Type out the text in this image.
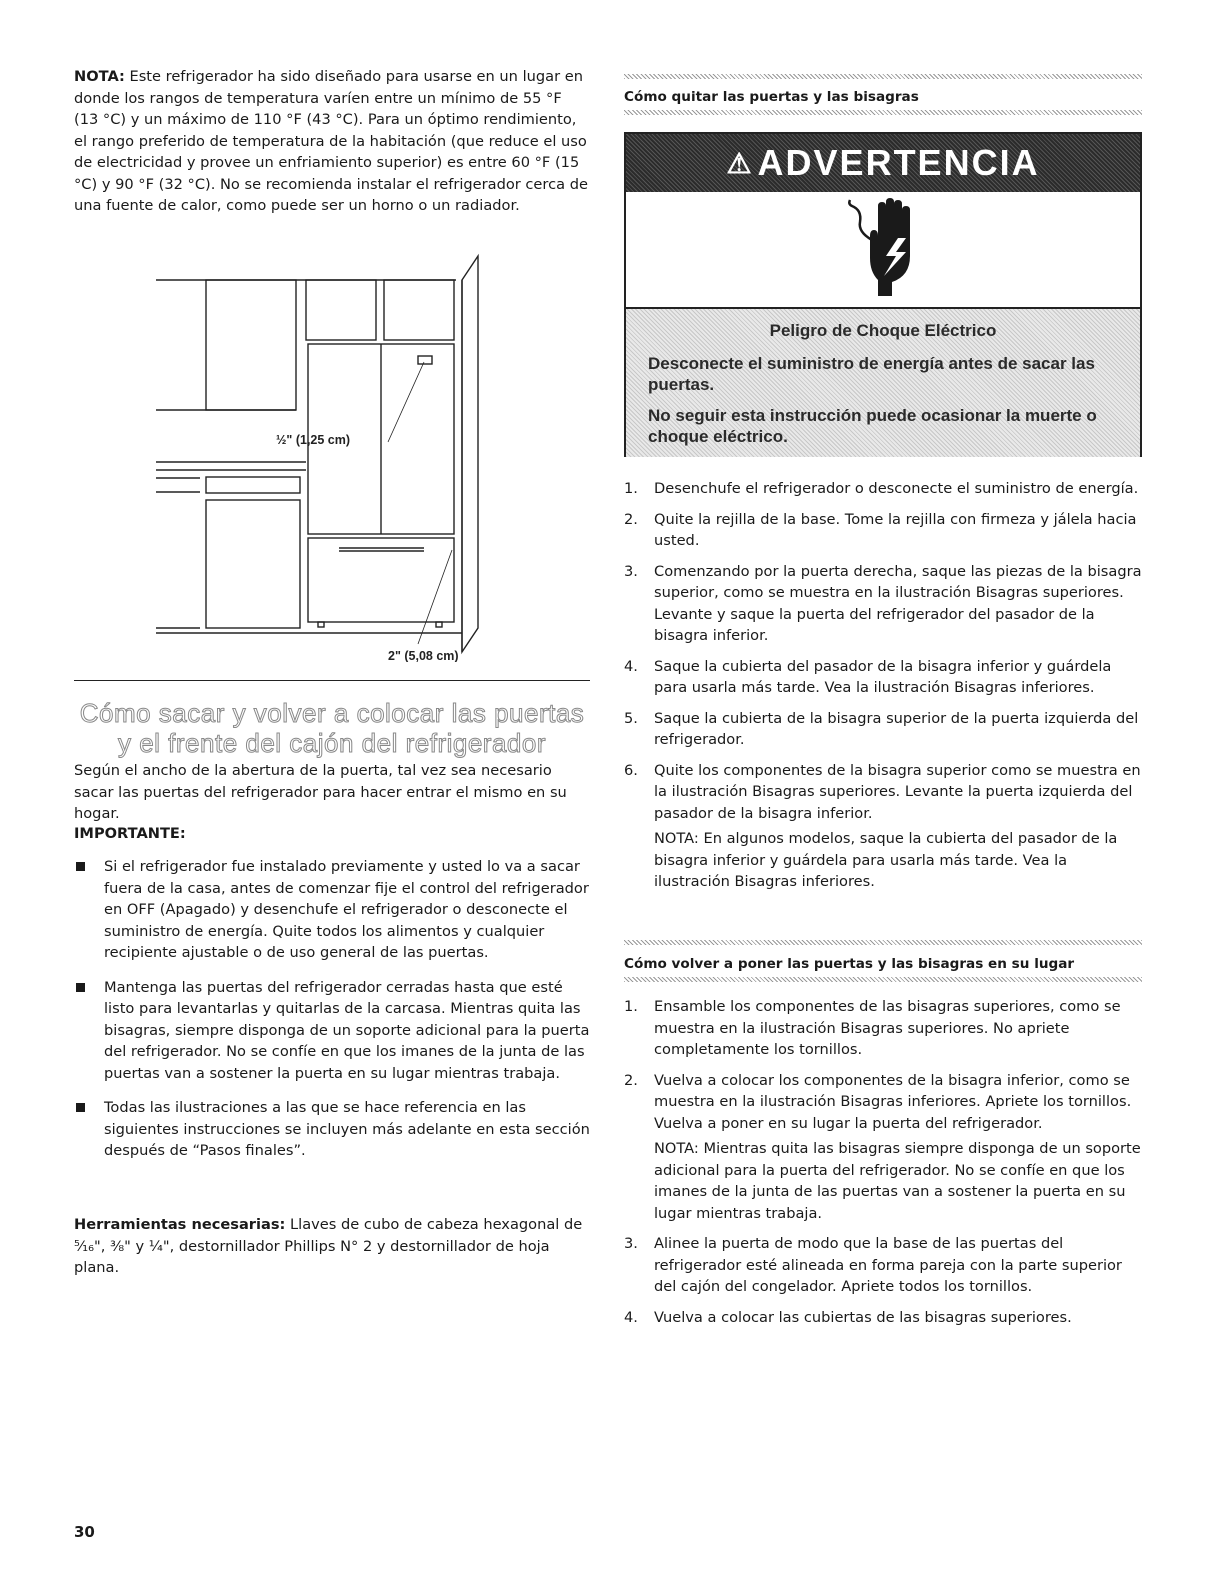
NOTA: Este refrigerador ha sido diseñado para usarse en un lugar en donde los rangos de temperatura varíen entre un mínimo de 55 °F (13 °C) y un máximo de 110 °F (43 °C). Para un óptimo rendimiento, el rango preferido de temperatura de la habitación (que reduce el uso de electricidad y provee un enfriamiento superior) es entre 60 °F (15 °C) y 90 °F (32 °C). No se recomienda instalar el refrigerador cerca de una fuente de calor, como puede ser un horno o un radiador.

½" (1,25 cm)
2" (5,08 cm)
Cómo sacar y volver a colocar las puertas
y el frente del cajón del refrigerador

Según el ancho de la abertura de la puerta, tal vez sea necesario sacar las puertas del refrigerador para hacer entrar el mismo en su hogar.

IMPORTANTE:
Si el refrigerador fue instalado previamente y usted lo va a sacar fuera de la casa, antes de comenzar fije el control del refrigerador en OFF (Apagado) y desenchufe el refrigerador o desconecte el suministro de energía. Quite todos los alimentos y cualquier recipiente ajustable o de uso general de las puertas.
Mantenga las puertas del refrigerador cerradas hasta que esté listo para levantarlas y quitarlas de la carcasa. Mientras quita las bisagras, siempre disponga de un soporte adicional para la puerta del refrigerador. No se confíe en que los imanes de la junta de las puertas van a sostener la puerta en su lugar mientras trabaja.
Todas las ilustraciones a las que se hace referencia en las siguientes instrucciones se incluyen más adelante en esta sección después de “Pasos finales”.

Herramientas necesarias: Llaves de cubo de cabeza hexagonal de ⁵⁄₁₆", ⅜" y ¼", destornillador Phillips N° 2 y destornillador de hoja plana.

Cómo quitar las puertas y las bisagras
⚠ ADVERTENCIA
Peligro de Choque Eléctrico
Desconecte el suministro de energía antes de sacar las puertas.
No seguir esta instrucción puede ocasionar la muerte o choque eléctrico.
1. Desenchufe el refrigerador o desconecte el suministro de energía.
2. Quite la rejilla de la base. Tome la rejilla con firmeza y jálela hacia usted.
3. Comenzando por la puerta derecha, saque las piezas de la bisagra superior, como se muestra en la ilustración Bisagras superiores. Levante y saque la puerta del refrigerador del pasador de la bisagra inferior.
4. Saque la cubierta del pasador de la bisagra inferior y guárdela para usarla más tarde. Vea la ilustración Bisagras inferiores.
5. Saque la cubierta de la bisagra superior de la puerta izquierda del refrigerador.
6. Quite los componentes de la bisagra superior como se muestra en la ilustración Bisagras superiores. Levante la puerta izquierda del pasador de la bisagra inferior.
NOTA: En algunos modelos, saque la cubierta del pasador de la bisagra inferior y guárdela para usarla más tarde. Vea la ilustración Bisagras inferiores.
Cómo volver a poner las puertas y las bisagras en su lugar
1. Ensamble los componentes de las bisagras superiores, como se muestra en la ilustración Bisagras superiores. No apriete completamente los tornillos.
2. Vuelva a colocar los componentes de la bisagra inferior, como se muestra en la ilustración Bisagras inferiores. Apriete los tornillos. Vuelva a poner en su lugar la puerta del refrigerador.
NOTA: Mientras quita las bisagras siempre disponga de un soporte adicional para la puerta del refrigerador. No se confíe en que los imanes de la junta de las puertas van a sostener la puerta en su lugar mientras trabaja.
3. Alinee la puerta de modo que la base de las puertas del refrigerador esté alineada en forma pareja con la parte superior del cajón del congelador. Apriete todos los tornillos.
4. Vuelva a colocar las cubiertas de las bisagras superiores.
30
